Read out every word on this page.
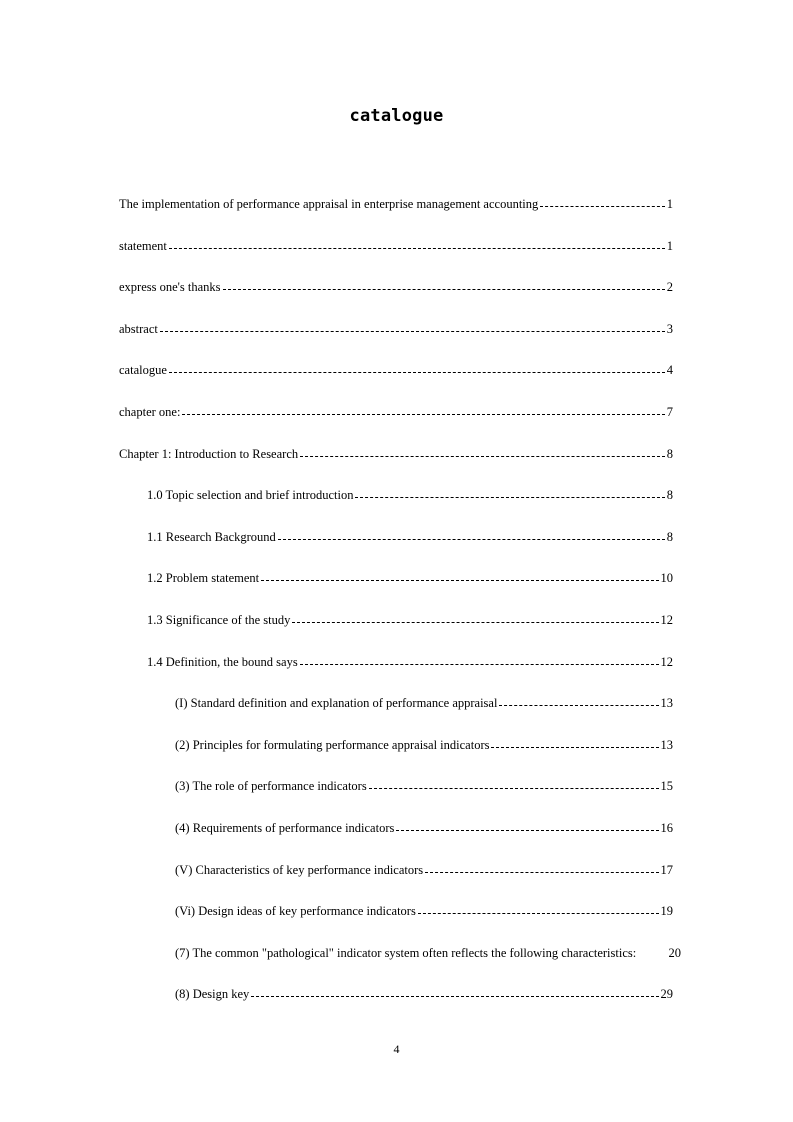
catalogue
The implementation of performance appraisal in enterprise management accounting	1
statement	1
express one's thanks	2
abstract	3
catalogue	4
chapter one:	7
Chapter 1: Introduction to Research	8
1.0 Topic selection and brief introduction	8
1.1 Research Background	8
1.2 Problem statement	10
1.3 Significance of the study	12
1.4 Definition, the bound says	12
(I) Standard definition and explanation of performance appraisal	13
(2) Principles for formulating performance appraisal indicators	13
(3) The role of performance indicators	15
(4) Requirements of performance indicators	16
(V) Characteristics of key performance indicators	17
(Vi) Design ideas of key performance indicators	19
(7) The common "pathological" indicator system often reflects the following characteristics:	20
(8) Design key	29
4
